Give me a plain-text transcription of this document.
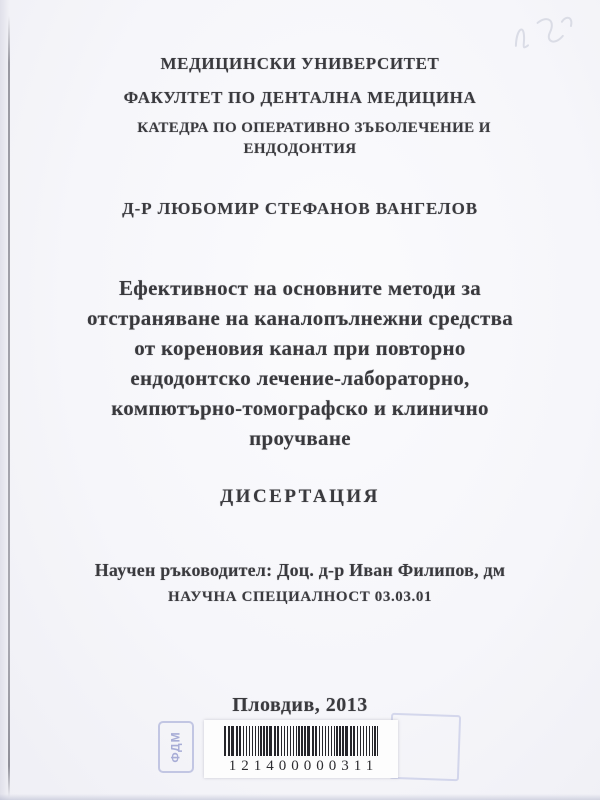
МЕДИЦИНСКИ УНИВЕРСИТЕТ
ФАКУЛТЕТ ПО ДЕНТАЛНА МЕДИЦИНА
КАТЕДРА ПО ОПЕРАТИВНО ЗЪБОЛЕЧЕНИЕ И
ЕНДОДОНТИЯ
Д-Р ЛЮБОМИР СТЕФАНОВ ВАНГЕЛОВ
Ефективност на основните методи за
отстраняване на каналопълнежни средства
от кореновия канал при повторно
ендодонтско лечение-лабораторно,
компютърно-томографско и клинично
проучване
ДИСЕРТАЦИЯ
Научен ръководител: Доц. д-р Иван Филипов, дм
НАУЧНА СПЕЦИАЛНОСТ 03.03.01
Пловдив, 2013
ФДМ
121400000311
